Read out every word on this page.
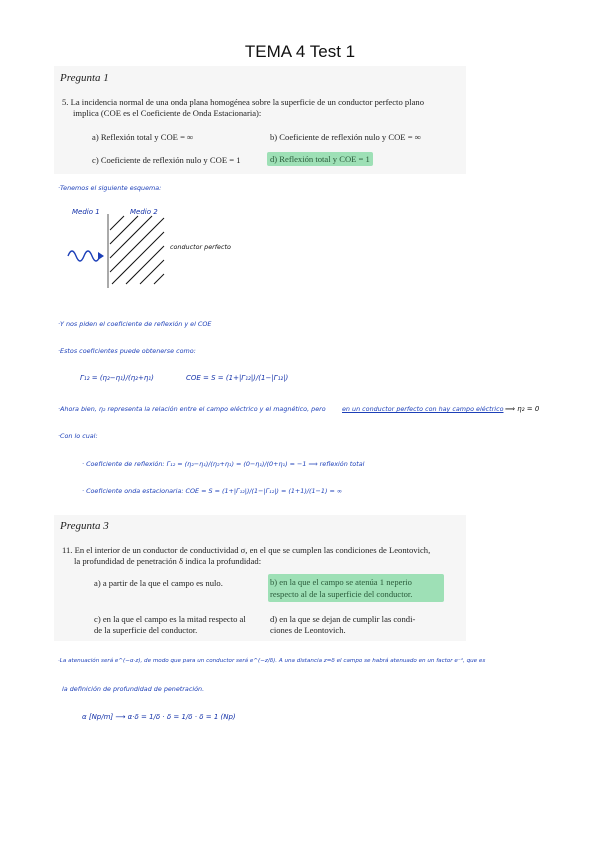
TEMA 4 Test 1
Pregunta 1
5. La incidencia normal de una onda plana homogénea sobre la superficie de un conductor perfecto plano
implica (COE es el Coeficiente de Onda Estacionaria):
a) Reflexión total y COE = ∞	b) Coeficiente de reflexión nulo y COE = ∞
c) Coeficiente de reflexión nulo y COE = 1	d) Reflexión total y COE = 1
·Tenemos el siguiente esquema:
Medio 1	Medio 2
conductor perfecto
·Y nos piden el coeficiente de reflexión y el COE
·Estos coeficientes puede obtenerse como:
Γ₁₂ = (η₂−η₁)/(η₂+η₁)	COE = S = (1+|Γ₁₂|)/(1−|Γ₁₂|)
·Ahora bien, η₂ representa la relación entre el campo eléctrico y el magnético, pero	en un conductor perfecto con hay campo eléctrico ⟹ η₂ = 0
·Con lo cual:
· Coeficiente de reflexión: Γ₁₂ = (η₂−η₁)/(η₂+η₁) = (0−η₁)/(0+η₁) = −1 ⟹ reflexión total
· Coeficiente onda estacionaria: COE = S = (1+|Γ₁₂|)/(1−|Γ₁₂|) = (1+1)/(1−1) = ∞
Pregunta 3
11. En el interior de un conductor de conductividad σ, en el que se cumplen las condiciones de Leontovich,
la profundidad de penetración δ indica la profundidad:
a) a partir de la que el campo es nulo.	b) en la que el campo se atenúa 1 neperio
respecto al de la superficie del conductor.
c) en la que el campo es la mitad respecto al
de la superficie del conductor.
d) en la que se dejan de cumplir las condi-
ciones de Leontovich.
·La atenuación será e^(−α·z), de modo que para un conductor será e^(−z/δ). A una distancia z=δ el campo se habrá atenuado en un factor e⁻¹, que es
la definición de profundidad de penetración.
α [Np/m] ⟶ α·δ = 1/δ · δ = 1/δ · δ = 1 (Np)
